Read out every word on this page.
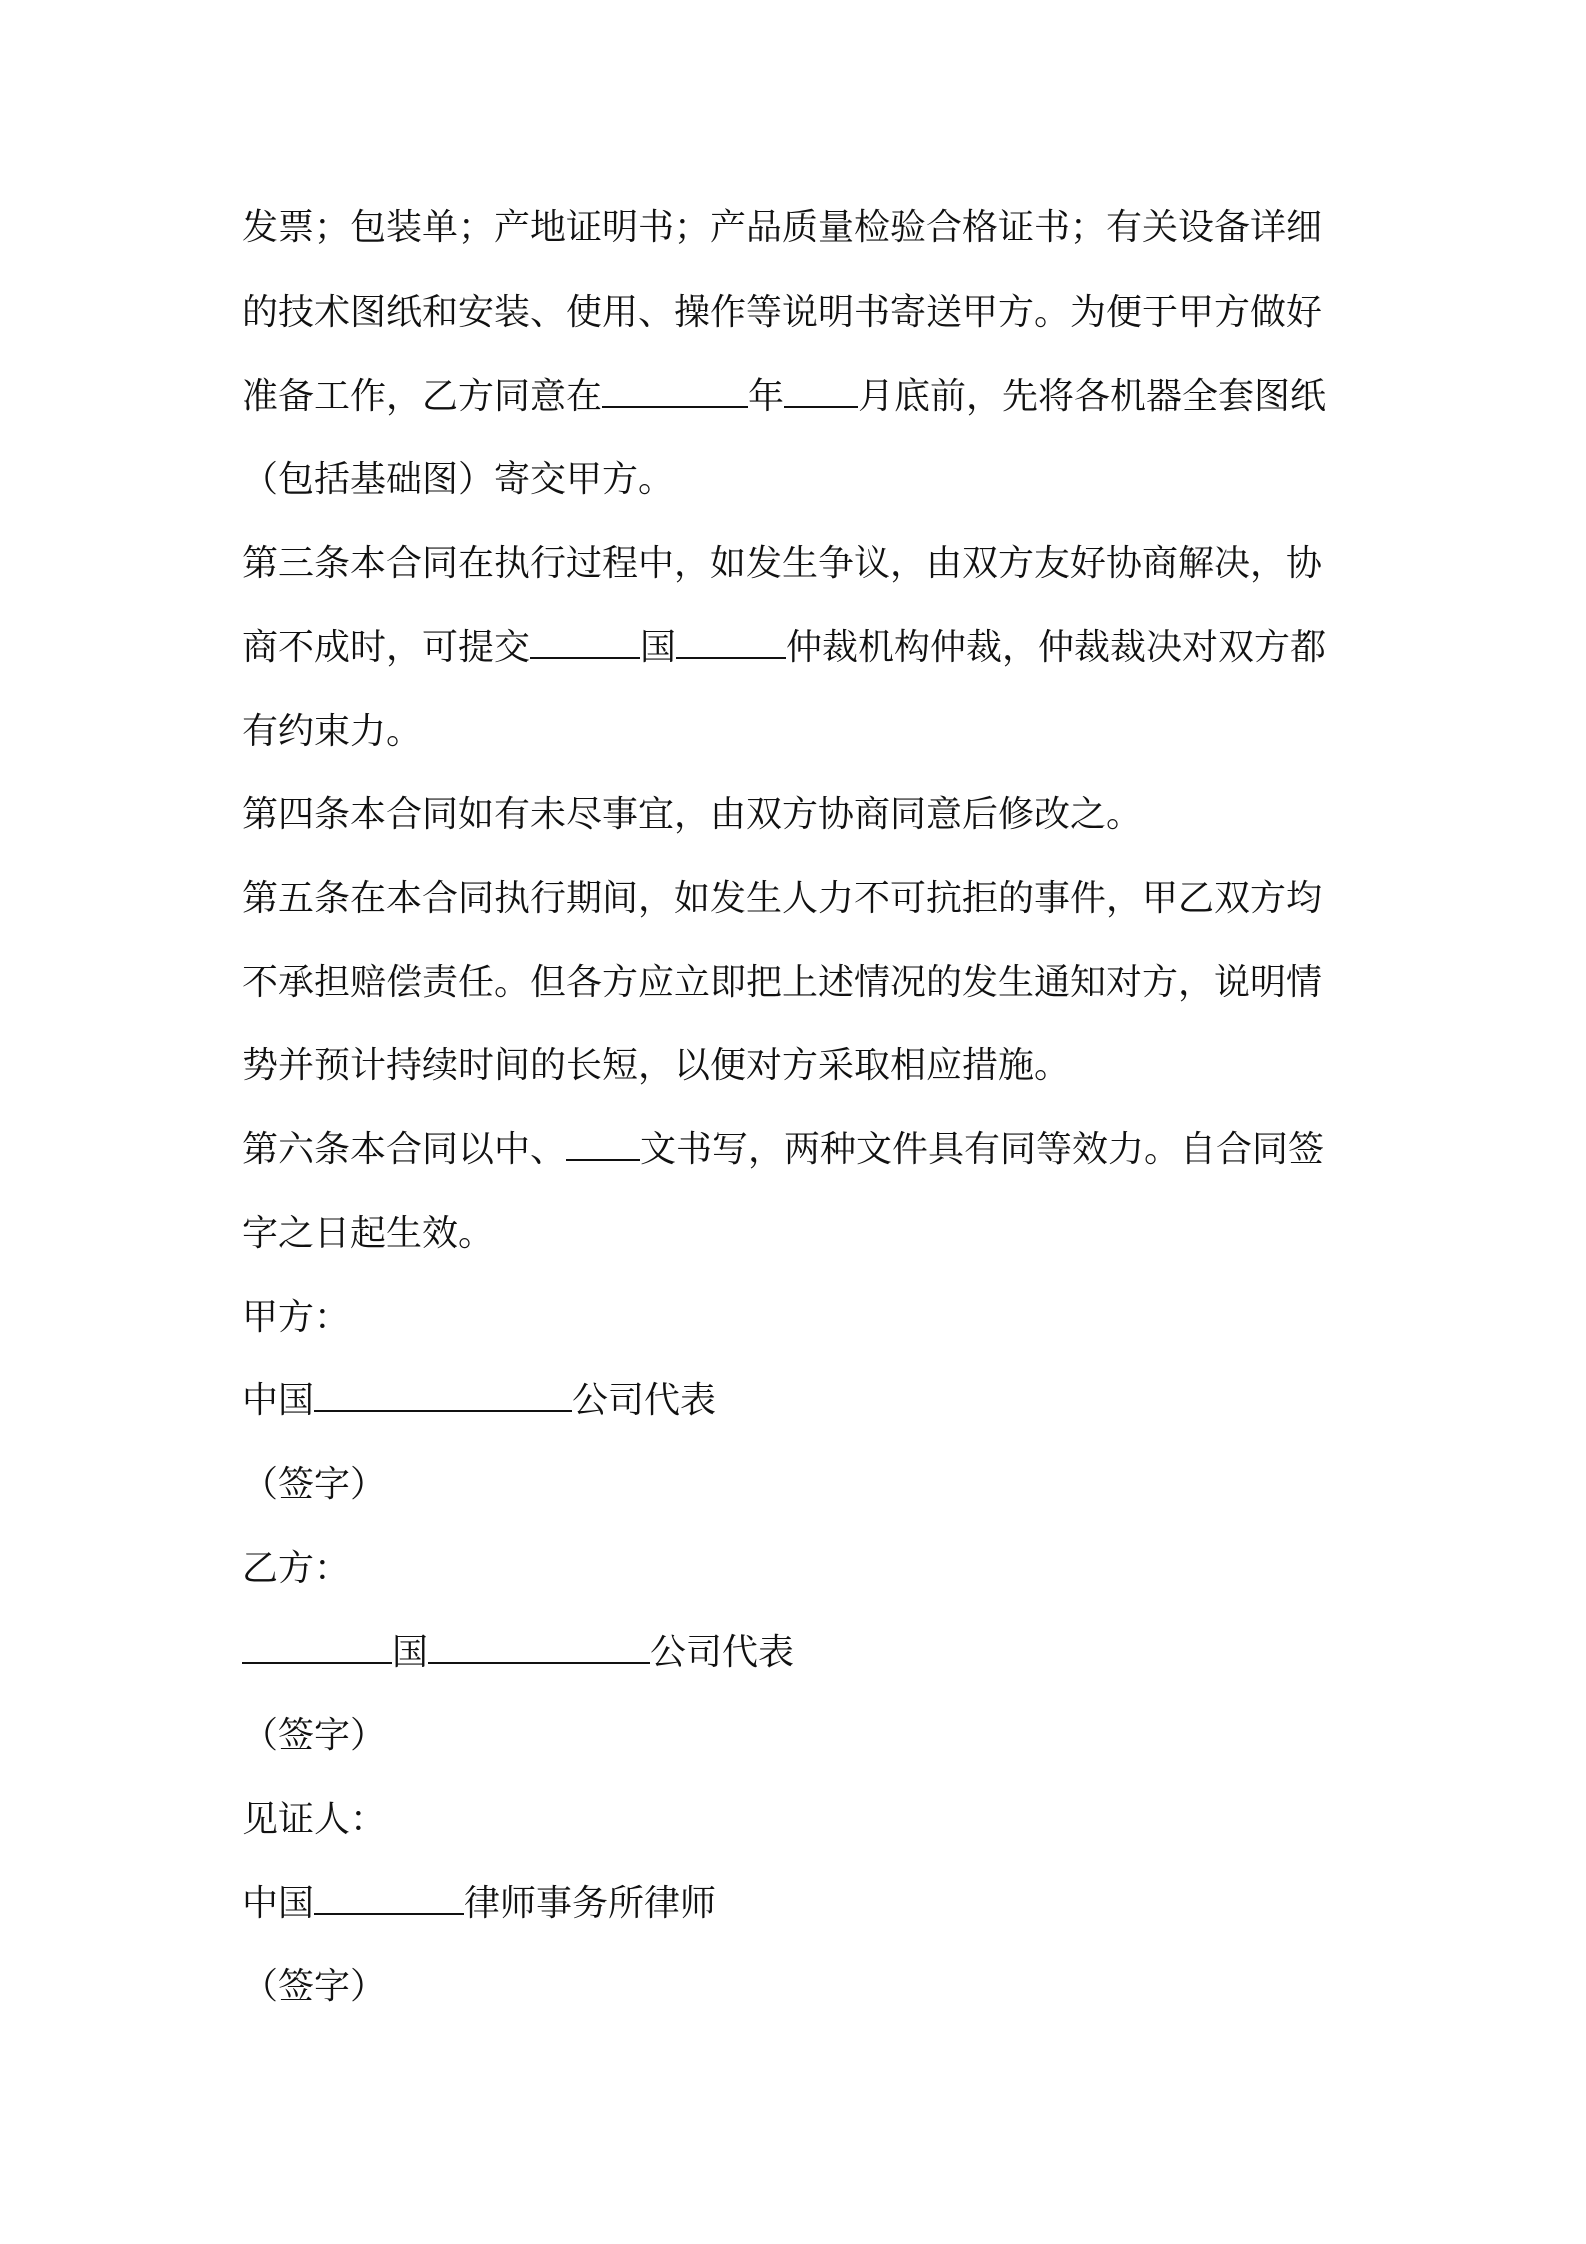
发票；包装单；产地证明书；产品质量检验合格证书；有关设备详细
的技术图纸和安装、使用、操作等说明书寄送甲方。为便于甲方做好
准备工作，乙方同意在	年 月底前，先将各机器全套图纸
（包括基础图）寄交甲方。
第三条本合同在执行过程中，如发生争议，由双方友好协商解决，协
商不成时，可提交	国	仲裁机构仲裁，仲裁裁决对双方都
有约束力。
第四条本合同如有未尽事宜，由双方协商同意后修改之。
第五条在本合同执行期间，如发生人力不可抗拒的事件，甲乙双方均
不承担赔偿责任。但各方应立即把上述情况的发生通知对方，说明情
势并预计持续时间的长短，以便对方采取相应措施。
第六条本合同以中、 文书写，两种文件具有同等效力。自合同签
字之日起生效。
甲方：
中国	公司代表
（签字）
乙方：
国	公司代表
（签字）
见证人：
中国	律师事务所律师
（签字）
